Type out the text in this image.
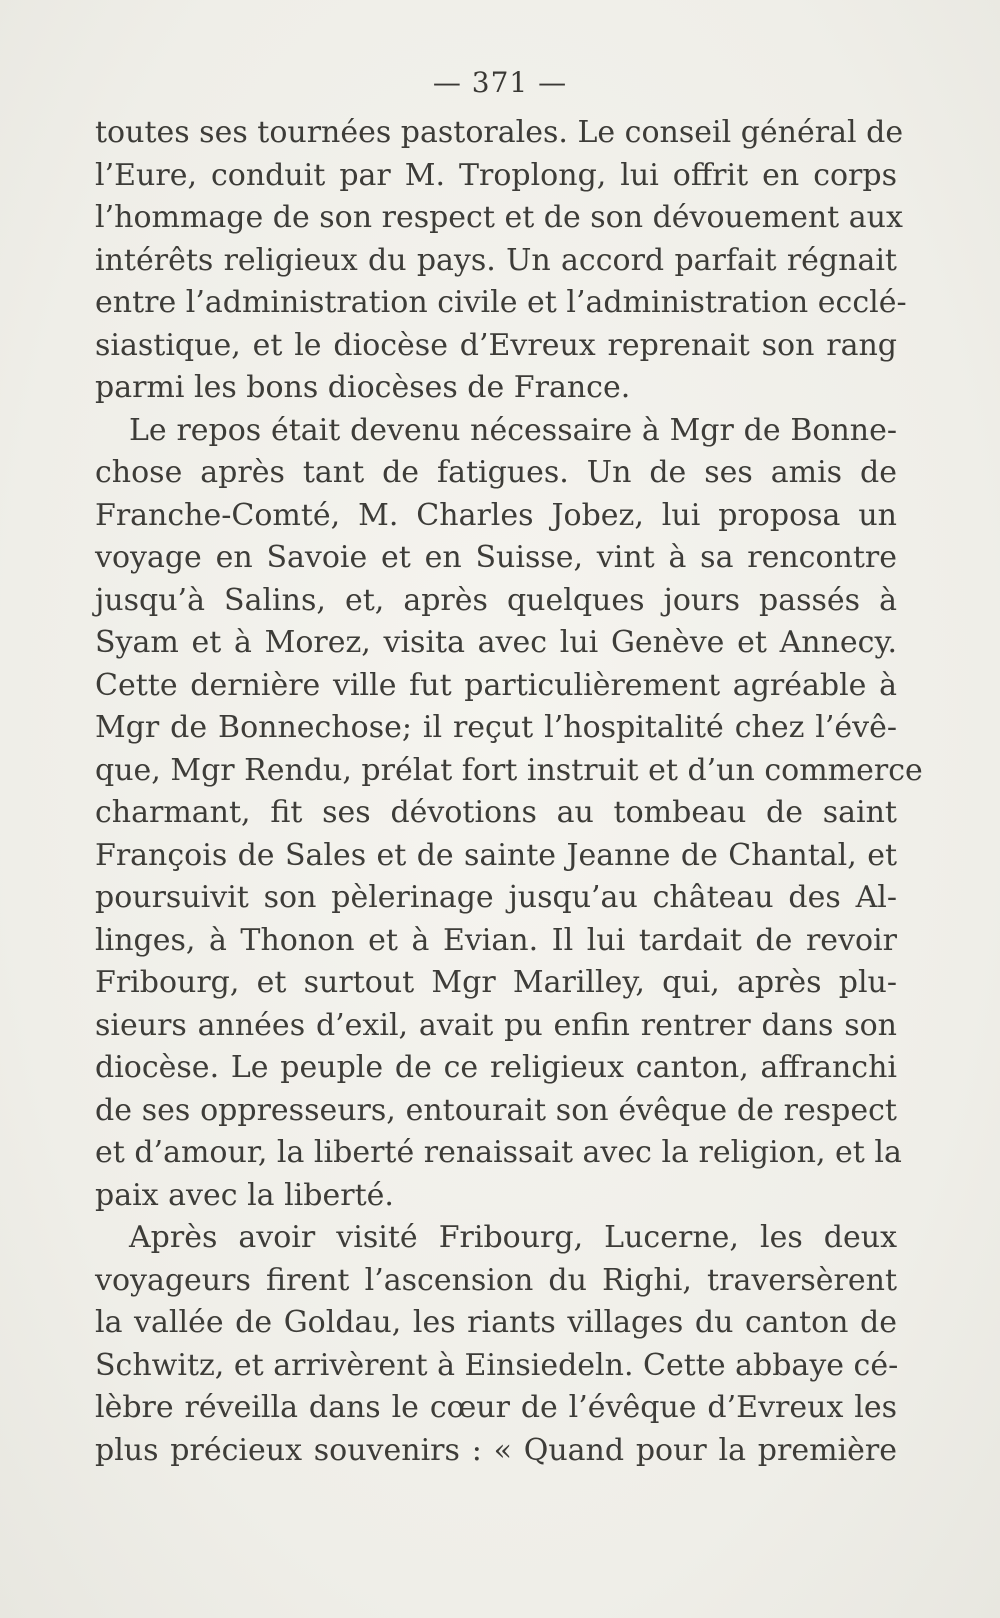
— 371 —
toutes ses tournées pastorales. Le conseil général de
l’Eure, conduit par M. Troplong, lui offrit en corps
l’hommage de son respect et de son dévouement aux
intérêts religieux du pays. Un accord parfait régnait
entre l’administration civile et l’administration ecclé-
siastique, et le diocèse d’Evreux reprenait son rang
parmi les bons diocèses de France.
Le repos était devenu nécessaire à Mgr de Bonne-
chose après tant de fatigues. Un de ses amis de
Franche-Comté, M. Charles Jobez, lui proposa un
voyage en Savoie et en Suisse, vint à sa rencontre
jusqu’à Salins, et, après quelques jours passés à
Syam et à Morez, visita avec lui Genève et Annecy.
Cette dernière ville fut particulièrement agréable à
Mgr de Bonnechose; il reçut l’hospitalité chez l’évê-
que, Mgr Rendu, prélat fort instruit et d’un commerce
charmant, fit ses dévotions au tombeau de saint
François de Sales et de sainte Jeanne de Chantal, et
poursuivit son pèlerinage jusqu’au château des Al-
linges, à Thonon et à Evian. Il lui tardait de revoir
Fribourg, et surtout Mgr Marilley, qui, après plu-
sieurs années d’exil, avait pu enfin rentrer dans son
diocèse. Le peuple de ce religieux canton, affranchi
de ses oppresseurs, entourait son évêque de respect
et d’amour, la liberté renaissait avec la religion, et la
paix avec la liberté.
Après avoir visité Fribourg, Lucerne, les deux
voyageurs firent l’ascension du Righi, traversèrent
la vallée de Goldau, les riants villages du canton de
Schwitz, et arrivèrent à Einsiedeln. Cette abbaye cé-
lèbre réveilla dans le cœur de l’évêque d’Evreux les
plus précieux souvenirs : « Quand pour la première
